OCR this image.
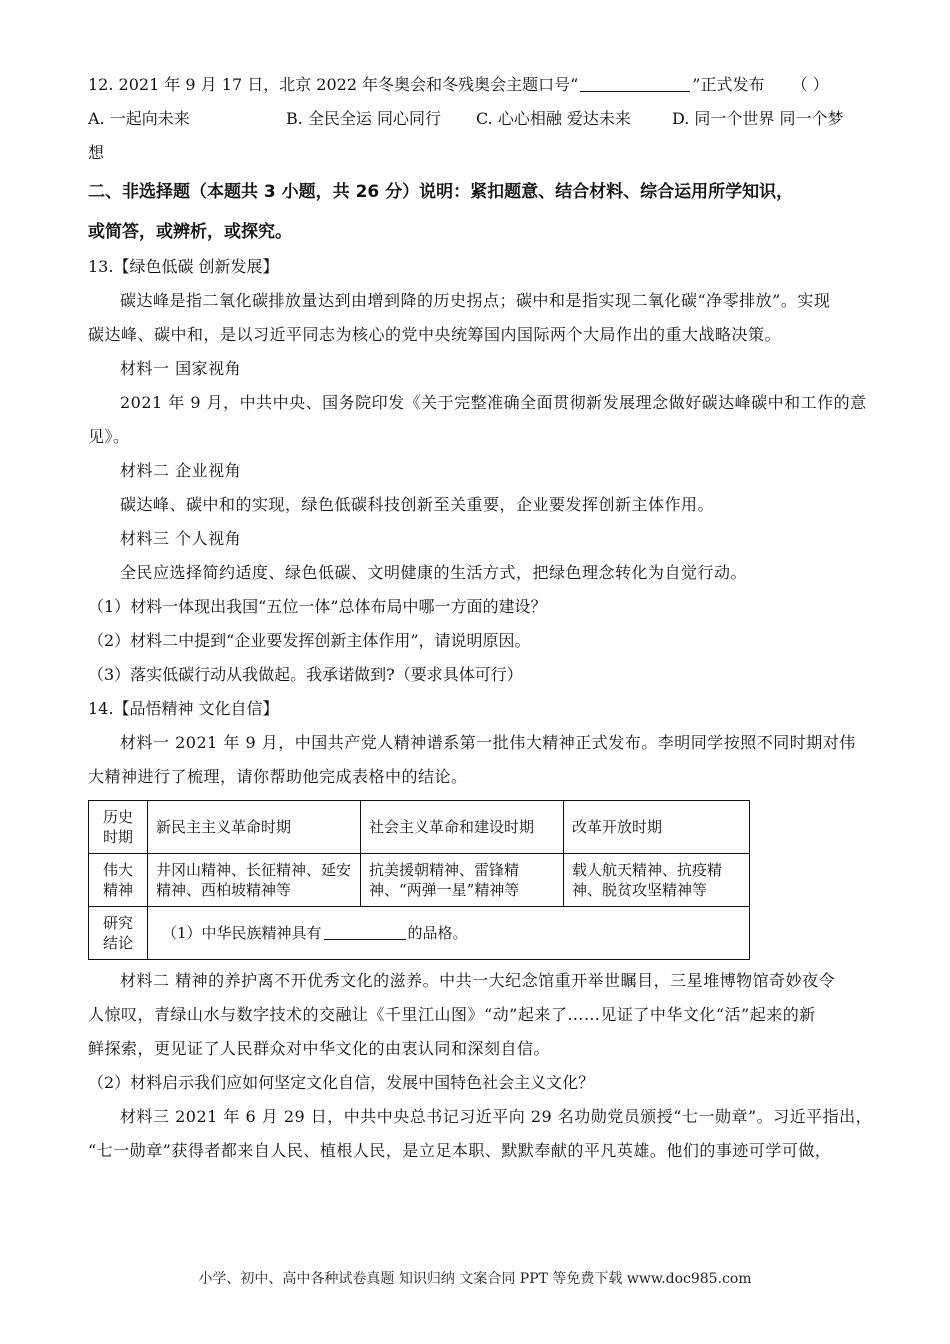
12. 2021 年 9 月 17 日，北京 2022 年冬奥会和冬残奥会主题口号“	”正式发布 （ ）
A. 一起向未来	B. 全民全运 同心同行 C. 心心相融 爱达未来	D. 同一个世界 同一个梦
想
二、非选择题（本题共 3 小题，共 26 分）说明：紧扣题意、结合材料、综合运用所学知识，
或简答，或辨析，或探究。
13.【绿色低碳 创新发展】
碳达峰是指二氧化碳排放量达到由增到降的历史拐点；碳中和是指实现二氧化碳“净零排放”。实现
碳达峰、碳中和，是以习近平同志为核心的党中央统筹国内国际两个大局作出的重大战略决策。
材料一 国家视角
2021 年 9 月，中共中央、国务院印发《关于完整准确全面贯彻新发展理念做好碳达峰碳中和工作的意
见》。
材料二 企业视角
碳达峰、碳中和的实现，绿色低碳科技创新至关重要，企业要发挥创新主体作用。
材料三 个人视角
全民应选择简约适度、绿色低碳、文明健康的生活方式，把绿色理念转化为自觉行动。
（1）材料一体现出我国“五位一体”总体布局中哪一方面的建设？
（2）材料二中提到“企业要发挥创新主体作用”，请说明原因。
（3）落实低碳行动从我做起。我承诺做到?（要求具体可行）
14.【品悟精神 文化自信】
材料一 2021 年 9 月，中国共产党人精神谱系第一批伟大精神正式发布。李明同学按照不同时期对伟
大精神进行了梳理，请你帮助他完成表格中的结论。
历史时期	新民主主义革命时期	社会主义革命和建设时期	改革开放时期
伟大精神	井冈山精神、长征精神、延安精神、西柏坡精神等	抗美援朝精神、雷锋精神、“两弹一星”精神等	载人航天精神、抗疫精神、脱贫攻坚精神等
研究结论	（1）中华民族精神具有 的品格。		
材料二 精神的养护离不开优秀文化的滋养。中共一大纪念馆重开举世瞩目，三星堆博物馆奇妙夜令
人惊叹，青绿山水与数字技术的交融让《千里江山图》“动”起来了……见证了中华文化“活”起来的新
鲜探索，更见证了人民群众对中华文化的由衷认同和深刻自信。
（2）材料启示我们应如何坚定文化自信，发展中国特色社会主义文化？
材料三 2021 年 6 月 29 日，中共中央总书记习近平向 29 名功勋党员颁授“七一勋章”。习近平指出，
“七一勋章”获得者都来自人民、植根人民，是立足本职、默默奉献的平凡英雄。他们的事迹可学可做，
小学、初中、高中各种试卷真题 知识归纳 文案合同 PPT 等免费下载 www.doc985.com
